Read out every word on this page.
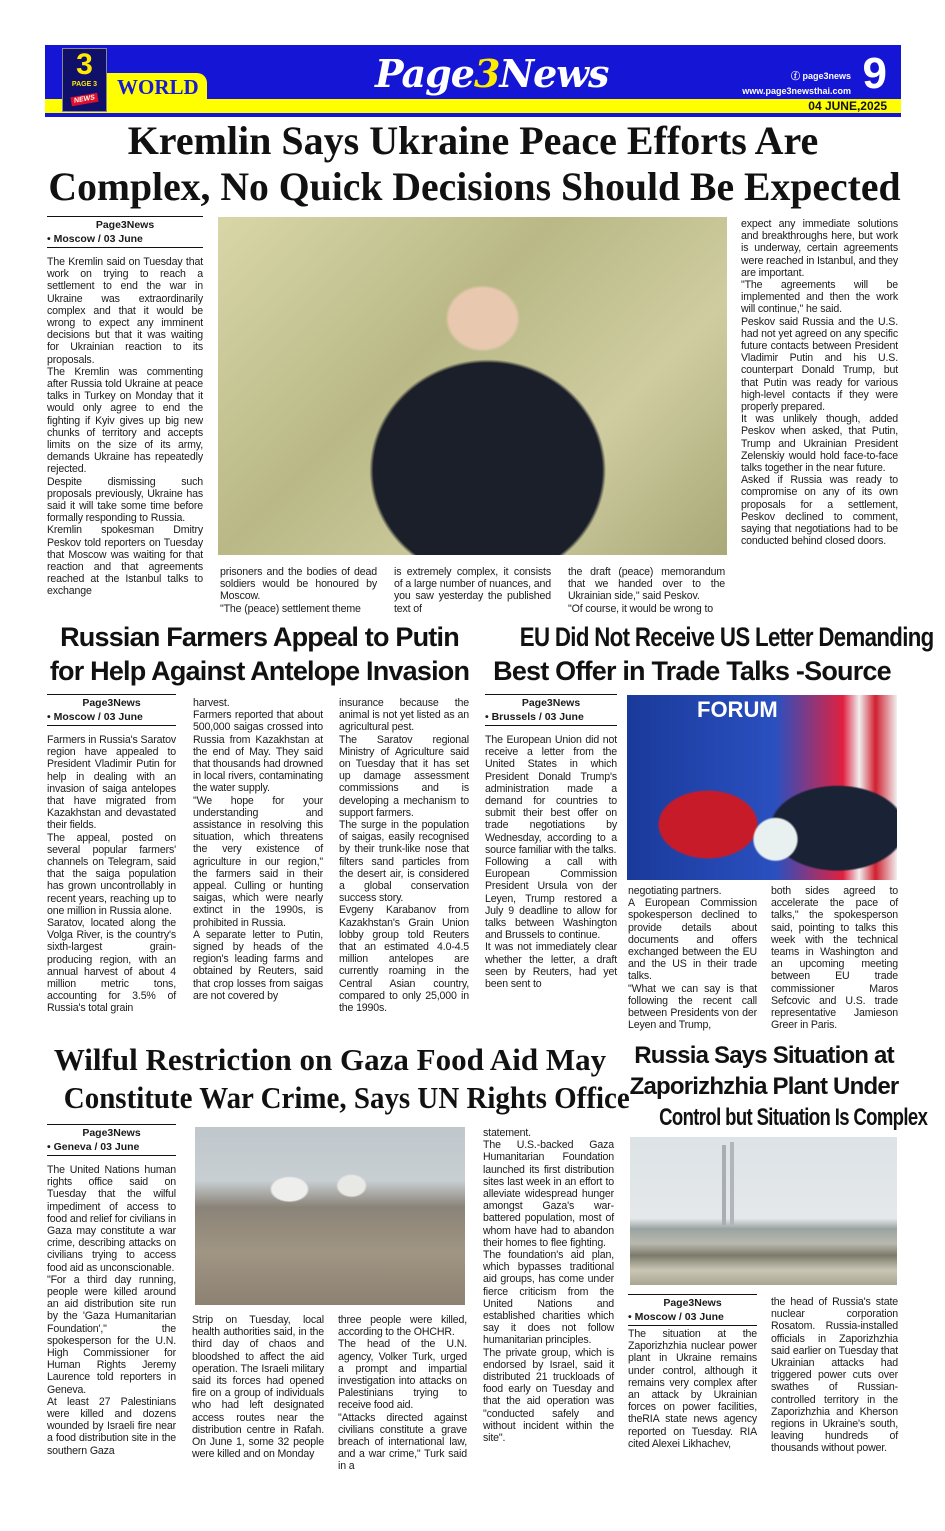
3
PAGE 3
NEWS
WORLD	Page3News	ⓕ page3news
www.page3newsthai.com 9
04 JUNE,2025
Kremlin Says Ukraine Peace Efforts Are
Complex, No Quick Decisions Should Be Expected
Page3News
• Moscow / 03 June

The Kremlin said on Tuesday that work on trying to reach a settlement to end the war in Ukraine was extraordinarily complex and that it would be wrong to expect any imminent decisions but that it was waiting for Ukrainian reaction to its proposals.

The Kremlin was commenting after Russia told Ukraine at peace talks in Turkey on Monday that it would only agree to end the fighting if Kyiv gives up big new chunks of territory and accepts limits on the size of its army, demands Ukraine has repeatedly rejected.

Despite dismissing such proposals previously, Ukraine has said it will take some time before formally responding to Russia.

Kremlin spokesman Dmitry Peskov told reporters on Tuesday that Moscow was waiting for that reaction and that agreements reached at the Istanbul talks to exchange

prisoners and the bodies of dead soldiers would be honoured by Moscow.

"The (peace) settlement theme

is extremely complex, it consists of a large number of nuances, and you saw yesterday the published text of

the draft (peace) memorandum that we handed over to the Ukrainian side," said Peskov.

"Of course, it would be wrong to

expect any immediate solutions and breakthroughs here, but work is underway, certain agreements were reached in Istanbul, and they are important.

"The agreements will be implemented and then the work will continue," he said.

Peskov said Russia and the U.S. had not yet agreed on any specific future contacts between President Vladimir Putin and his U.S. counterpart Donald Trump, but that Putin was ready for various high-level contacts if they were properly prepared.

It was unlikely though, added Peskov when asked, that Putin, Trump and Ukrainian President Zelenskiy would hold face-to-face talks together in the near future.

Asked if Russia was ready to compromise on any of its own proposals for a settlement, Peskov declined to comment, saying that negotiations had to be conducted behind closed doors.

Russian Farmers Appeal to Putin
for Help Against Antelope Invasion
Page3News
• Moscow / 03 June

Farmers in Russia's Saratov region have appealed to President Vladimir Putin for help in dealing with an invasion of saiga antelopes that have migrated from Kazakhstan and devastated their fields.

The appeal, posted on several popular farmers' channels on Telegram, said that the saiga population has grown uncontrollably in recent years, reaching up to one million in Russia alone.

Saratov, located along the Volga River, is the country's sixth-largest grain-producing region, with an annual harvest of about 4 million metric tons, accounting for 3.5% of Russia's total grain

harvest.

Farmers reported that about 500,000 saigas crossed into Russia from Kazakhstan at the end of May. They said that thousands had drowned in local rivers, contaminating the water supply.

"We hope for your understanding and assistance in resolving this situation, which threatens the very existence of agriculture in our region," the farmers said in their appeal. Culling or hunting saigas, which were nearly extinct in the 1990s, is prohibited in Russia.

A separate letter to Putin, signed by heads of the region's leading farms and obtained by Reuters, said that crop losses from saigas are not covered by

insurance because the animal is not yet listed as an agricultural pest.

The Saratov regional Ministry of Agriculture said on Tuesday that it has set up damage assessment commissions and is developing a mechanism to support farmers.

The surge in the population of saigas, easily recognised by their trunk-like nose that filters sand particles from the desert air, is considered a global conservation success story.

Evgeny Karabanov from Kazakhstan's Grain Union lobby group told Reuters that an estimated 4.0-4.5 million antelopes are currently roaming in the Central Asian country, compared to only 25,000 in the 1990s.

EU Did Not Receive US Letter Demanding
Best Offer in Trade Talks -Source
Page3News
• Brussels / 03 June

The European Union did not receive a letter from the United States in which President Donald Trump's administration made a demand for countries to submit their best offer on trade negotiations by Wednesday, according to a source familiar with the talks.

Following a call with European Commission President Ursula von der Leyen, Trump restored a July 9 deadline to allow for talks between Washington and Brussels to continue.

It was not immediately clear whether the letter, a draft seen by Reuters, had yet been sent to

FORUM

negotiating partners.

A European Commission spokesperson declined to provide details about documents and offers exchanged between the EU and the US in their trade talks.

"What we can say is that following the recent call between Presidents von der Leyen and Trump,

both sides agreed to accelerate the pace of talks," the spokesperson said, pointing to talks this week with the technical teams in Washington and an upcoming meeting between EU trade commissioner Maros Sefcovic and U.S. trade representative Jamieson Greer in Paris.

Wilful Restriction on Gaza Food Aid May
Constitute War Crime, Says UN Rights Office
Page3News
• Geneva / 03 June

The United Nations human rights office said on Tuesday that the wilful impediment of access to food and relief for civilians in Gaza may constitute a war crime, describing attacks on civilians trying to access food aid as unconscionable.

"For a third day running, people were killed around an aid distribution site run by the 'Gaza Humanitarian Foundation'," the spokesperson for the U.N. High Commissioner for Human Rights Jeremy Laurence told reporters in Geneva.

At least 27 Palestinians were killed and dozens wounded by Israeli fire near a food distribution site in the southern Gaza

Strip on Tuesday, local health authorities said, in the third day of chaos and bloodshed to affect the aid operation. The Israeli military said its forces had opened fire on a group of individuals who had left designated access routes near the distribution centre in Rafah. On June 1, some 32 people were killed and on Monday

three people were killed, according to the OHCHR.

The head of the U.N. agency, Volker Turk, urged a prompt and impartial investigation into attacks on Palestinians trying to receive food aid.

"Attacks directed against civilians constitute a grave breach of international law, and a war crime," Turk said in a

statement.

The U.S.-backed Gaza Humanitarian Foundation launched its first distribution sites last week in an effort to alleviate widespread hunger amongst Gaza's war-battered population, most of whom have had to abandon their homes to flee fighting.

The foundation's aid plan, which bypasses traditional aid groups, has come under fierce criticism from the United Nations and established charities which say it does not follow humanitarian principles.

The private group, which is endorsed by Israel, said it distributed 21 truckloads of food early on Tuesday and that the aid operation was "conducted safely and without incident within the site".

Russia Says Situation at
Zaporizhzhia Plant Under
Control but Situation Is Complex
Page3News
• Moscow / 03 June

The situation at the Zaporizhzhia nuclear power plant in Ukraine remains under control, although it remains very complex after an attack by Ukrainian forces on power facilities, theRIA state news agency reported on Tuesday. RIA cited Alexei Likhachev,

the head of Russia's state nuclear corporation Rosatom. Russia-installed officials in Zaporizhzhia said earlier on Tuesday that Ukrainian attacks had triggered power cuts over swathes of Russian-controlled territory in the Zaporizhzhia and Kherson regions in Ukraine's south, leaving hundreds of thousands without power.
